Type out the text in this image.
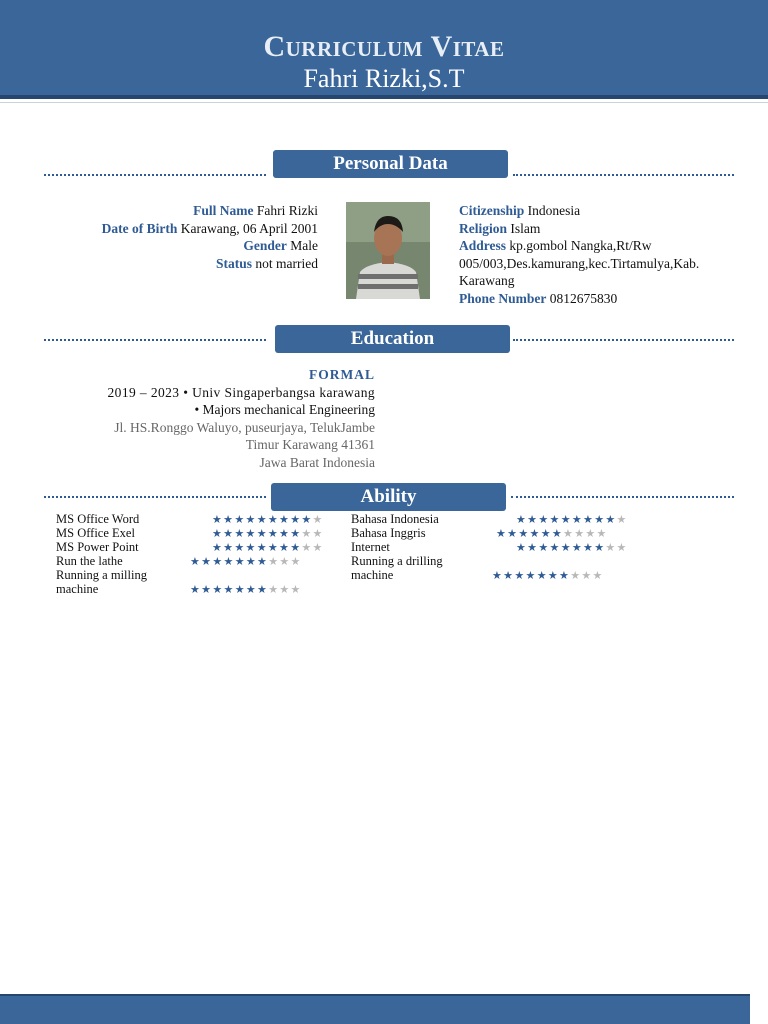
Curriculum Vitae
Fahri Rizki,S.T
Personal Data
Full Name Fahri Rizki
Date of Birth Karawang, 06 April 2001
Gender Male
Status not married
Citizenship Indonesia
Religion Islam
Address kp.gombol Nangka,Rt/Rw 005/003,Des.kamurang,kec.Tirtamulya,Kab. Karawang
Phone Number 0812675830
Education
FORMAL
2019 – 2023 • Univ Singaperbangsa karawang
• Majors mechanical Engineering
Jl. HS.Ronggo Waluyo, puseurjaya, TelukJambe
Timur Karawang 41361
Jawa Barat Indonesia
Ability
MS Office Word	★★★★★★★★★★
MS Office Exel	★★★★★★★★★★
MS Power Point	★★★★★★★★★★
Run the lathe	★★★★★★★★★★
Running a milling machine	★★★★★★★★★★
Bahasa Indonesia	★★★★★★★★★★
Bahasa Inggris	★★★★★★★★★★
Internet	★★★★★★★★★★
Running a drilling machine	★★★★★★★★★★
